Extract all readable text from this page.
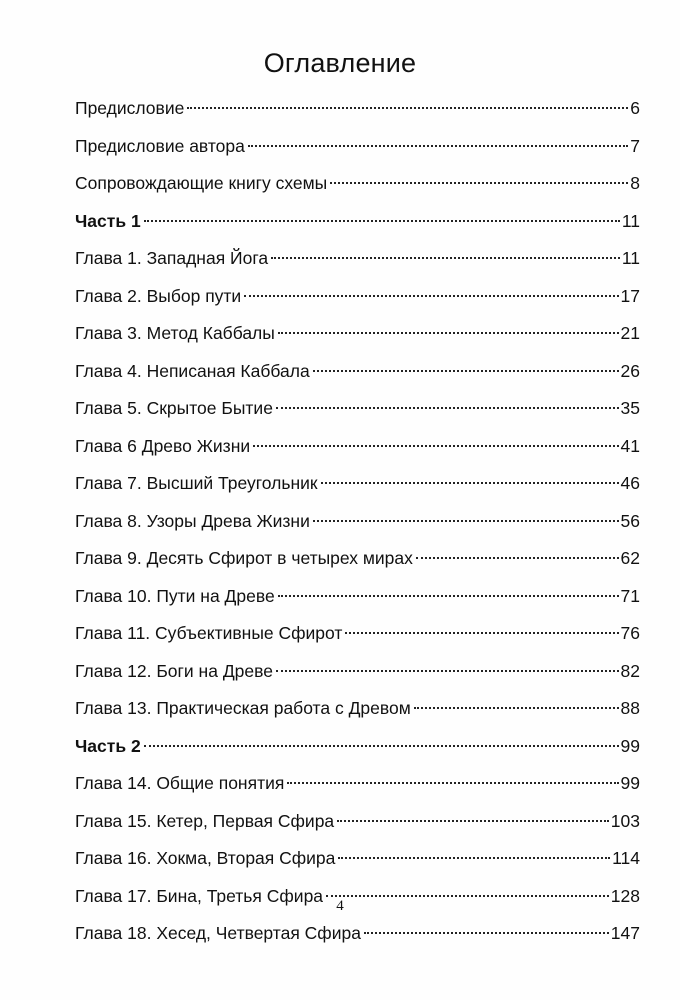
Оглавление
Предисловие	6
Предисловие автора	7
Сопровождающие книгу схемы	8
Часть 1	11
Глава 1. Западная Йога	11
Глава 2. Выбор пути	17
Глава 3. Метод Каббалы	21
Глава 4. Неписаная Каббала	26
Глава 5. Скрытое Бытие	35
Глава 6 Древо Жизни	41
Глава 7. Высший Треугольник	46
Глава 8. Узоры Древа Жизни	56
Глава 9. Десять Сфирот в четырех мирах	62
Глава 10. Пути на Древе	71
Глава 11. Субъективные Сфирот	76
Глава 12. Боги на Древе	82
Глава 13. Практическая работа с Древом	88
Часть 2	99
Глава 14. Общие понятия	99
Глава 15. Кетер, Первая Сфира	103
Глава 16. Хокма, Вторая Сфира	114
Глава 17. Бина, Третья Сфира	128
Глава 18. Хесед, Четвертая Сфира	147
4
